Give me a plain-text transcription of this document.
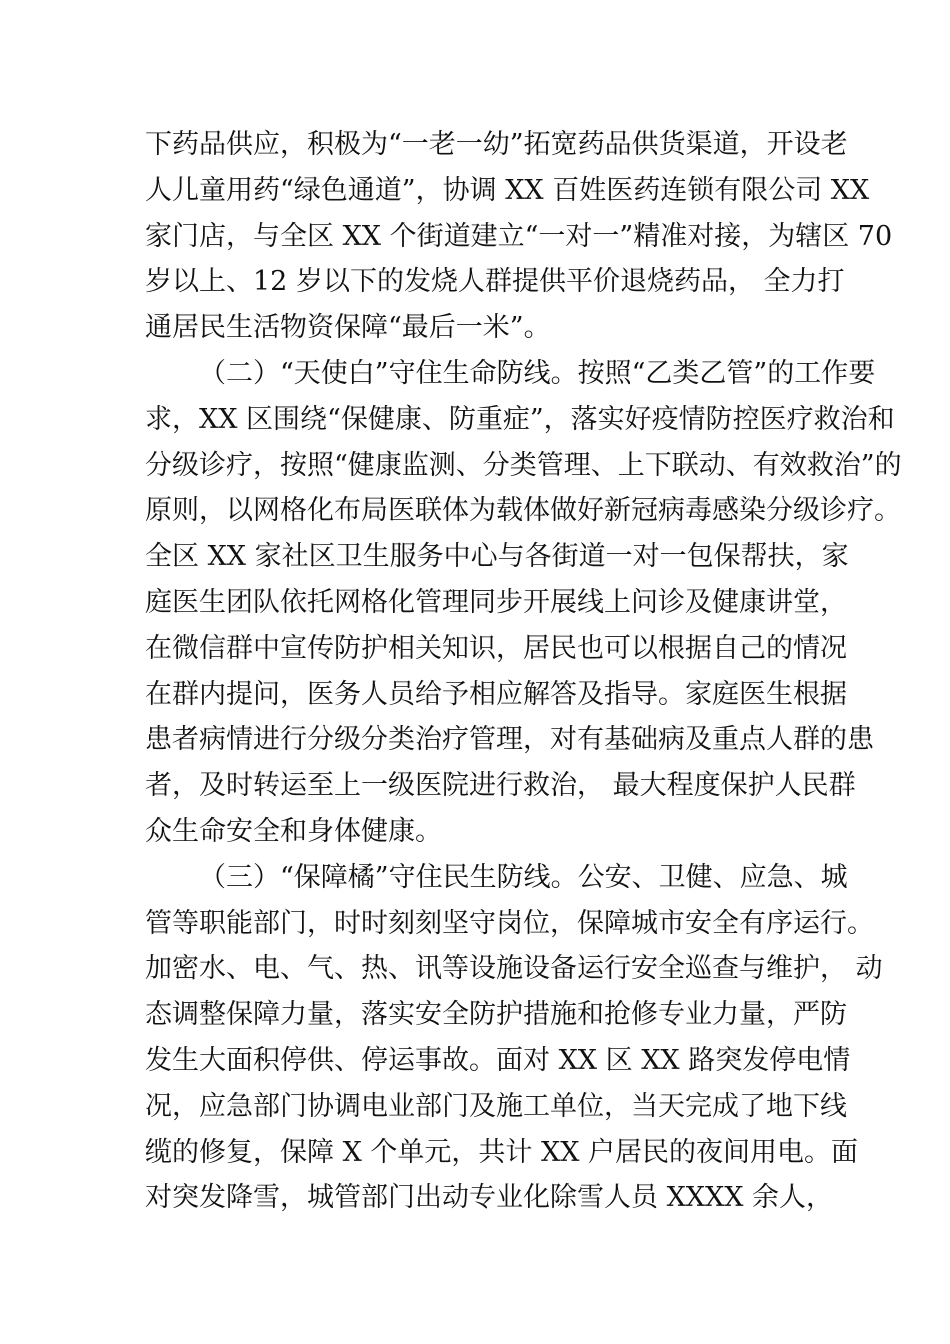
下药品供应，积极为“一老一幼”拓宽药品供货渠道，开设老
人儿童用药“绿色通道”，协调 XX 百姓医药连锁有限公司 XX
家门店，与全区 XX 个街道建立“一对一”精准对接，为辖区 70
岁以上、12 岁以下的发烧人群提供平价退烧药品， 全力打
通居民生活物资保障“最后一米”。
（二）“天使白”守住生命防线。按照“乙类乙管”的工作要
求，XX 区围绕“保健康、防重症”，落实好疫情防控医疗救治和
分级诊疗，按照“健康监测、分类管理、上下联动、有效救治”的
原则，以网格化布局医联体为载体做好新冠病毒感染分级诊疗。
全区 XX 家社区卫生服务中心与各街道一对一包保帮扶，家
庭医生团队依托网格化管理同步开展线上问诊及健康讲堂，
在微信群中宣传防护相关知识，居民也可以根据自己的情况
在群内提问，医务人员给予相应解答及指导。家庭医生根据
患者病情进行分级分类治疗管理，对有基础病及重点人群的患
者，及时转运至上一级医院进行救治， 最大程度保护人民群
众生命安全和身体健康。
（三）“保障橘”守住民生防线。公安、卫健、应急、城
管等职能部门，时时刻刻坚守岗位，保障城市安全有序运行。
加密水、电、气、热、讯等设施设备运行安全巡查与维护， 动
态调整保障力量，落实安全防护措施和抢修专业力量，严防
发生大面积停供、停运事故。面对 XX 区 XX 路突发停电情
况，应急部门协调电业部门及施工单位，当天完成了地下线
缆的修复，保障 X 个单元，共计 XX 户居民的夜间用电。面
对突发降雪，城管部门出动专业化除雪人员 XXXX 余人，
